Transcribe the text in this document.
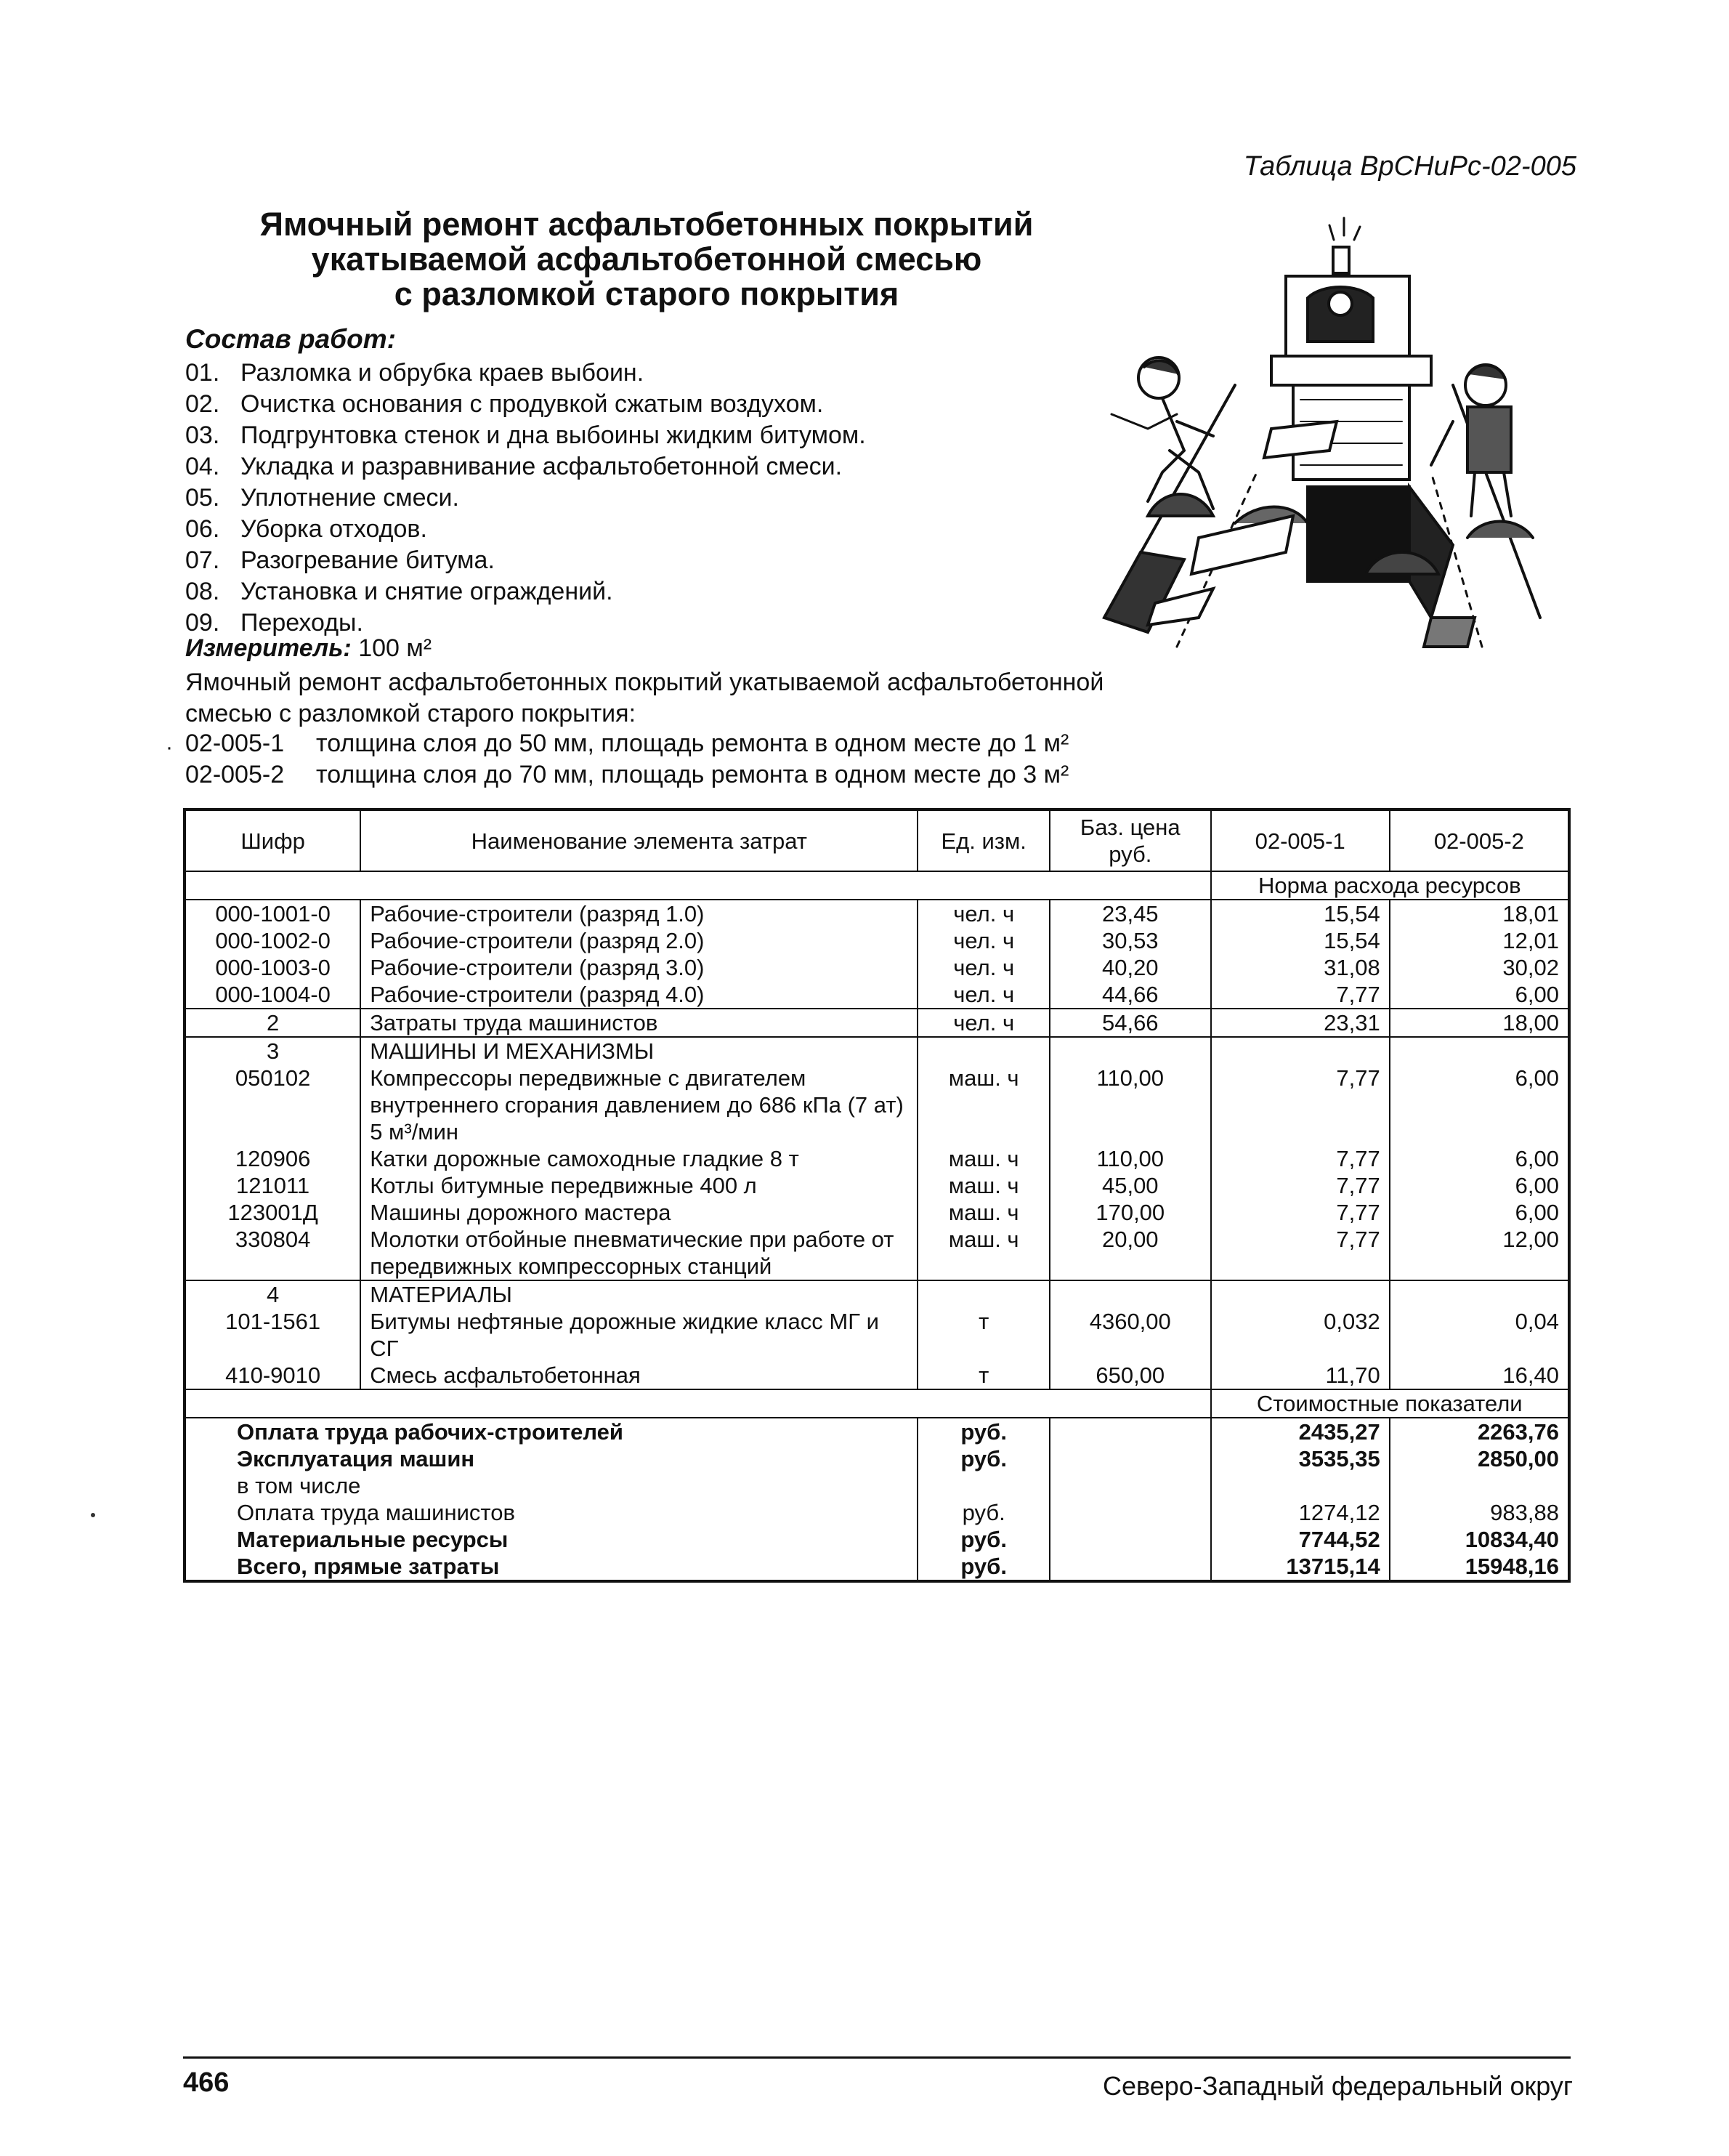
Таблица ВрСНиРс-02-005
Ямочный ремонт асфальтобетонных покрытий
укатываемой асфальтобетонной смесью
с разломкой старого покрытия
Состав работ:
01. Разломка и обрубка краев выбоин.
02. Очистка основания с продувкой сжатым воздухом.
03. Подгрунтовка стенок и дна выбоины жидким битумом.
04. Укладка и разравнивание асфальтобетонной смеси.
05. Уплотнение смеси.
06. Уборка отходов.
07. Разогревание битума.
08. Установка и снятие ограждений.
09. Переходы.
Измеритель: 100 м²
Ямочный ремонт асфальтобетонных покрытий укатываемой асфальтобетонной
смесью с разломкой старого покрытия:
· 02-005-1 толщина слоя до 50 мм, площадь ремонта в одном месте до 1 м²
02-005-2 толщина слоя до 70 мм, площадь ремонта в одном месте до 3 м²
Шифр	Наименование элемента затрат	Ед. изм.	Баз. цена руб.	02-005-1	02-005-2
				Норма расхода ресурсов	
000-1001-0	Рабочие-строители (разряд 1.0)	чел. ч	23,45	15,54	18,01
000-1002-0	Рабочие-строители (разряд 2.0)	чел. ч	30,53	15,54	12,01
000-1003-0	Рабочие-строители (разряд 3.0)	чел. ч	40,20	31,08	30,02
000-1004-0	Рабочие-строители (разряд 4.0)	чел. ч	44,66	7,77	6,00
2	Затраты труда машинистов	чел. ч	54,66	23,31	18,00
3	МАШИНЫ И МЕХАНИЗМЫ				
050102	Компрессоры передвижные с двигателем внутреннего сгорания давлением до 686 кПа (7 ат) 5 м³/мин	маш. ч	110,00	7,77	6,00
120906	Катки дорожные самоходные гладкие 8 т	маш. ч	110,00	7,77	6,00
121011	Котлы битумные передвижные 400 л	маш. ч	45,00	7,77	6,00
123001Д	Машины дорожного мастера	маш. ч	170,00	7,77	6,00
330804	Молотки отбойные пневматические при работе от передвижных компрессорных станций	маш. ч	20,00	7,77	12,00
4	МАТЕРИАЛЫ				
101-1561	Битумы нефтяные дорожные жидкие класс МГ и СГ	т	4360,00	0,032	0,04
410-9010	Смесь асфальтобетонная	т	650,00	11,70	16,40
				Стоимостные показатели	
Оплата труда рабочих-строителей		руб.		2435,27	2263,76
Эксплуатация машин		руб.		3535,35	2850,00
в том числе					
Оплата труда машинистов		руб.		1274,12	983,88
Материальные ресурсы		руб.		7744,52	10834,40
Всего, прямые затраты		руб.		13715,14	15948,16
466	Северо-Западный федеральный округ
